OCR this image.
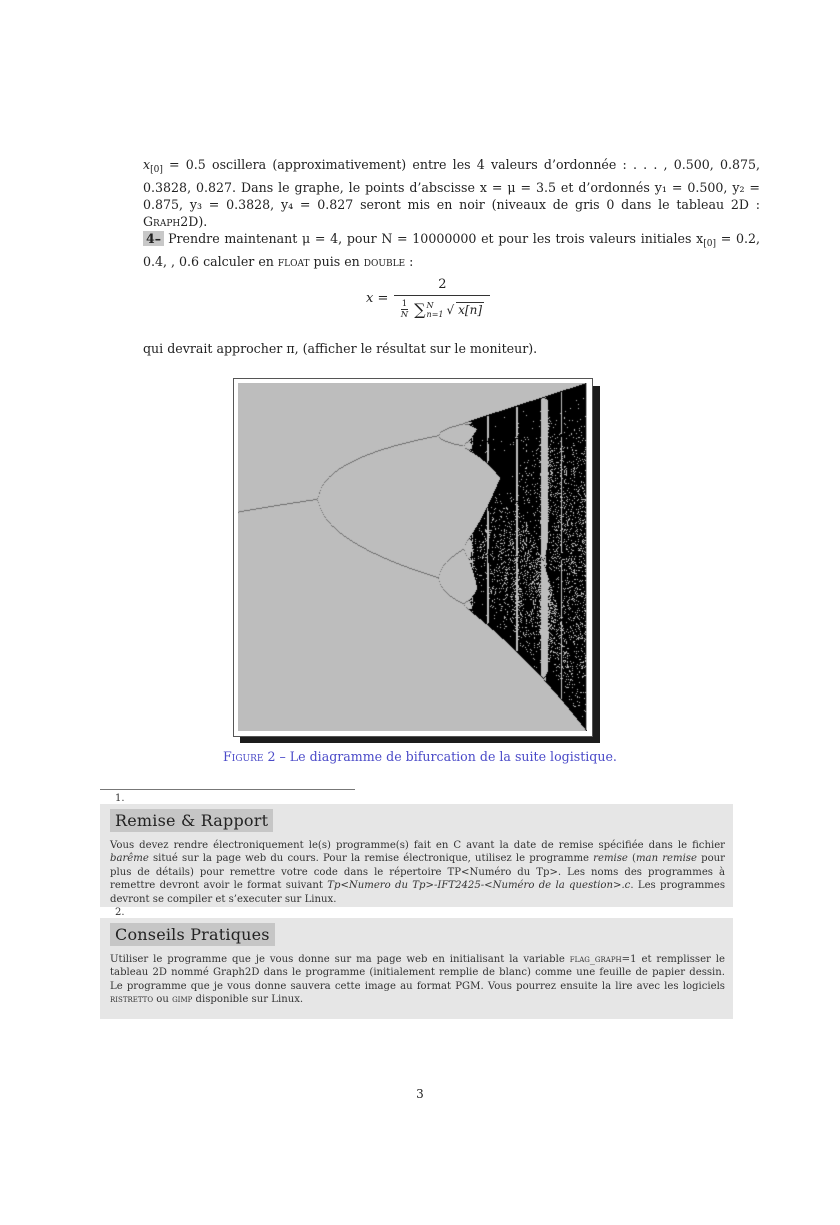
$x_{[0]} = 0.5$ oscillera (approximativement) entre les 4 valeurs d’ordonnée : . . . , 0.500, 0.875, 0.3828, 0.827. Dans le graphe, le points d’abscisse x = μ = 3.5 et d’ordonnés y₁ = 0.500, y₂ = 0.875, y₃ = 0.3828, y₄ = 0.827 seront mis en noir (niveaux de gris 0 dans le tableau 2D : Graph2D).
4– Prendre maintenant μ = 4, pour N = 10000000 et pour les trois valeurs initiales $x_{[0]} = 0.2$, 0.4, , 0.6 calculer en float puis en double :
x =
2
$\frac{1}{N}$ ∑ N
n=1 √ x[n]
qui devrait approcher π, (afficher le résultat sur le moniteur).
Figure 2 – Le diagramme de bifurcation de la suite logistique.
1.
Remise & Rapport
Vous devez rendre électroniquement le(s) programme(s) fait en C avant la date de remise spécifiée dans le fichier barême situé sur la page web du cours. Pour la remise électronique, utilisez le programme remise (man remise pour plus de détails) pour remettre votre code dans le répertoire TP<Numéro du Tp>. Les noms des programmes à remettre devront avoir le format suivant Tp<Numero du Tp>-IFT2425-<Numéro de la question>.c. Les programmes devront se compiler et s’executer sur Linux.
2.
Conseils Pratiques
Utiliser le programme que je vous donne sur ma page web en initialisant la variable flag_graph=1 et remplisser le tableau 2D nommé Graph2D dans le programme (initialement remplie de blanc) comme une feuille de papier dessin. Le programme que je vous donne sauvera cette image au format PGM. Vous pourrez ensuite la lire avec les logiciels ristretto ou gimp disponible sur Linux.
3
